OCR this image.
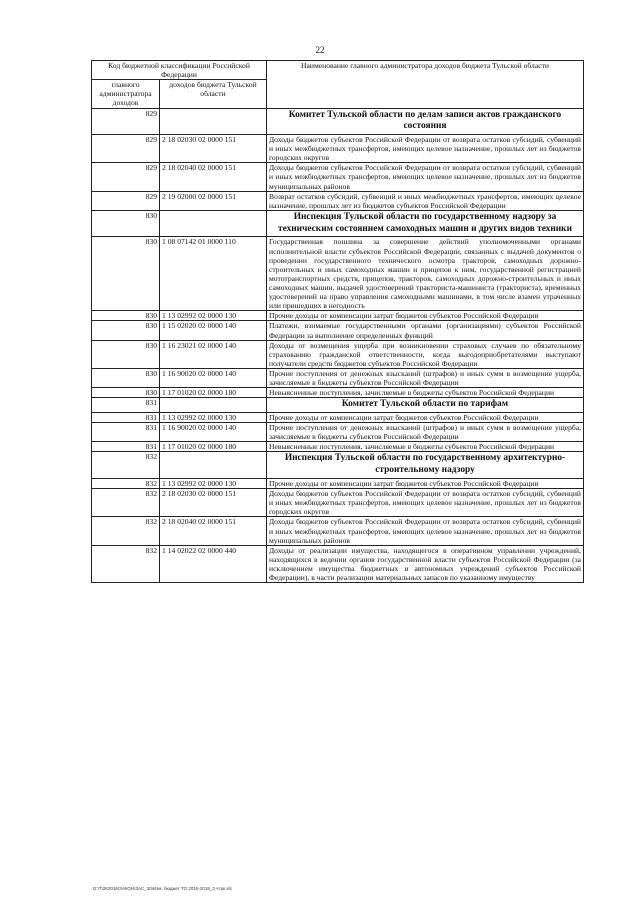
22
Код бюджетной классификации Российской Федерации		Наименование главного администратора доходов бюджета Тульской области
главного администратора доходов	доходов бюджета Тульской области	
829		Комитет Тульской области по делам записи актов гражданского состояния
829	2 18 02030 02 0000 151	Доходы бюджетов субъектов Российской Федерации от возврата остатков субсидий, субвенций и иных межбюджетных трансфертов, имеющих целевое назначение, прошлых лет из бюджетов городских округов
829	2 18 02040 02 0000 151	Доходы бюджетов субъектов Российской Федерации от возврата остатков субсидий, субвенций и иных межбюджетных трансфертов, имеющих целевое назначение, прошлых лет из бюджетов муниципальных районов
829	2 19 02000 02 0000 151	Возврат остатков субсидий, субвенций и иных межбюджетных трансфертов, имеющих целевое назначение, прошлых лет из бюджетов субъектов Российской Федерации
830		Инспекция Тульской области по государственному надзору за техническим состоянием самоходных машин и других видов техники
830	1 08 07142 01 0000 110	Государственная пошлина за совершение действий уполномоченными органами исполнительной власти субъектов Российской Федерации, связанных с выдачей документов о проведении государственного технического осмотра тракторов, самоходных дорожно-строительных и иных самоходных машин и прицепов к ним, государственной регистрацией мототранспортных средств, прицепов, тракторов, самоходных дорожно-строительных и иных самоходных машин, выдачей удостоверений тракториста-машиниста (тракториста), временных удостоверений на право управления самоходными машинами, в том числе взамен утраченных или пришедших в негодность
830	1 13 02992 02 0000 130	Прочие доходы от компенсации затрат бюджетов субъектов Российской Федерации
830	1 15 02020 02 0000 140	Платежи, взимаемые государственными органами (организациями) субъектов Российской Федерации за выполнение определенных функций
830	1 16 23021 02 0000 140	Доходы от возмещения ущерба при возникновении страховых случаев по обязательному страхованию гражданской ответственности, когда выгодоприобретателями выступают получатели средств бюджетов субъектов Российской Федерации
830	1 16 90020 02 0000 140	Прочие поступления от денежных взысканий (штрафов) и иных сумм в возмещение ущерба, зачисляемые в бюджеты субъектов Российской Федерации
830	1 17 01020 02 0000 180	Невыясненные поступления, зачисляемые в бюджеты субъектов Российской Федерации
831		Комитет Тульской области по тарифам
831	1 13 02992 02 0000 130	Прочие доходы от компенсации затрат бюджетов субъектов Российской Федерации
831	1 16 90020 02 0000 140	Прочие поступления от денежных взысканий (штрафов) и иных сумм в возмещение ущерба, зачисляемые в бюджеты субъектов Российской Федерации
831	1 17 01020 02 0000 180	Невыясненные поступления, зачисляемые в бюджеты субъектов Российской Федерации
832		Инспекция Тульской области по государственному архитектурно-строительному надзору
832	1 13 02992 02 0000 130	Прочие доходы от компенсации затрат бюджетов субъектов Российской Федерации
832	2 18 02030 02 0000 151	Доходы бюджетов субъектов Российской Федерации от возврата остатков субсидий, субвенций и иных межбюджетных трансфертов, имеющих целевое назначение, прошлых лет из бюджетов городских округов
832	2 18 02040 02 0000 151	Доходы бюджетов субъектов Российской Федерации от возврата остатков субсидий, субвенций и иных межбюджетных трансфертов, имеющих целевое назначение, прошлых лет из бюджетов муниципальных районов
832	1 14 02022 02 0000 440	Доходы от реализации имущества, находящегося в оперативном управлении учреждений, находящихся в ведении органов государственной власти субъектов Российской Федерации (за исключением имущества бюджетных и автономных учреждений субъектов Российской Федерации), в части реализации материальных запасов по указанному имуществу
D:\Т\2К2016\ЗАКОН\ЗАС_30\Изм. бюджет ТО 2016-2018_3 чтрк.xls
